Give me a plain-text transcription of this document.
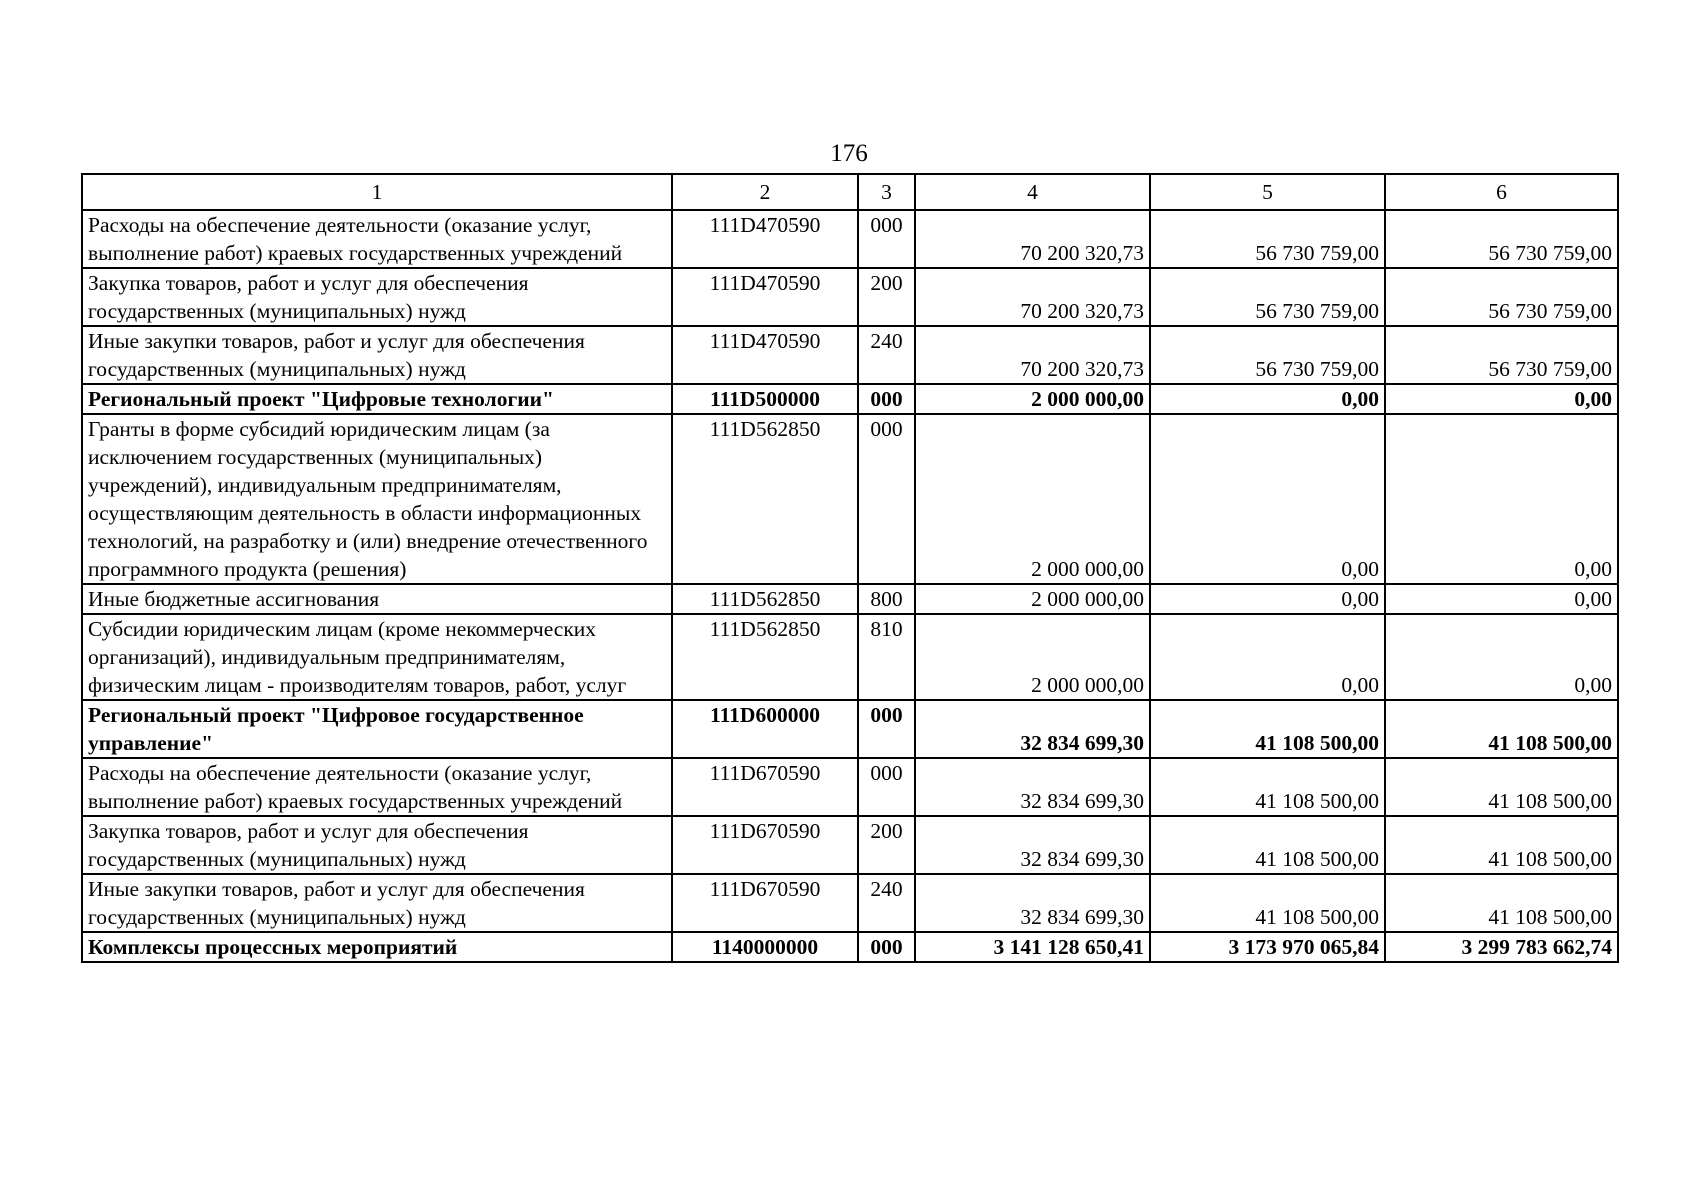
176
1	2	3	4	5	6
Расходы на обеспечение деятельности (оказание услуг, выполнение работ) краевых государственных учреждений	111D470590	000	70 200 320,73	56 730 759,00	56 730 759,00
Закупка товаров, работ и услуг для обеспечения государственных (муниципальных) нужд	111D470590	200	70 200 320,73	56 730 759,00	56 730 759,00
Иные закупки товаров, работ и услуг для обеспечения государственных (муниципальных) нужд	111D470590	240	70 200 320,73	56 730 759,00	56 730 759,00
Региональный проект "Цифровые технологии"	111D500000	000	2 000 000,00	0,00	0,00
Гранты в форме субсидий юридическим лицам (за исключением государственных (муниципальных) учреждений), индивидуальным предпринимателям, осуществляющим деятельность в области информационных технологий, на разработку и (или) внедрение отечественного программного продукта (решения)	111D562850	000	2 000 000,00	0,00	0,00
Иные бюджетные ассигнования	111D562850	800	2 000 000,00	0,00	0,00
Субсидии юридическим лицам (кроме некоммерческих организаций), индивидуальным предпринимателям, физическим лицам - производителям товаров, работ, услуг	111D562850	810	2 000 000,00	0,00	0,00
Региональный проект "Цифровое государственное управление"	111D600000	000	32 834 699,30	41 108 500,00	41 108 500,00
Расходы на обеспечение деятельности (оказание услуг, выполнение работ) краевых государственных учреждений	111D670590	000	32 834 699,30	41 108 500,00	41 108 500,00
Закупка товаров, работ и услуг для обеспечения государственных (муниципальных) нужд	111D670590	200	32 834 699,30	41 108 500,00	41 108 500,00
Иные закупки товаров, работ и услуг для обеспечения государственных (муниципальных) нужд	111D670590	240	32 834 699,30	41 108 500,00	41 108 500,00
Комплексы процессных мероприятий	1140000000	000	3 141 128 650,41	3 173 970 065,84	3 299 783 662,74
